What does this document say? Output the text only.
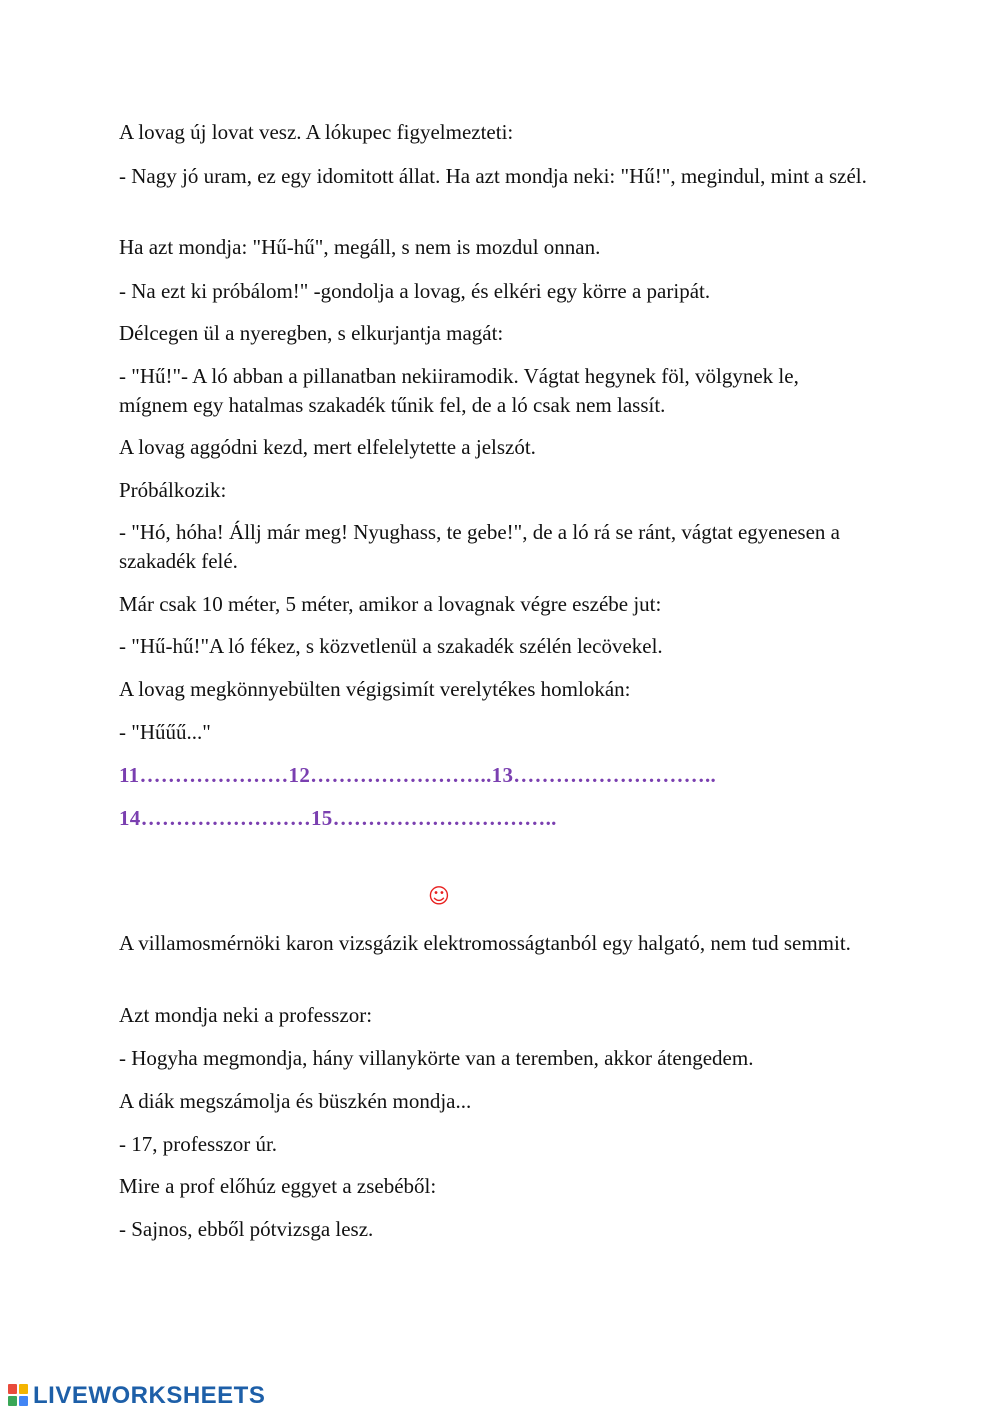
A lovag új lovat vesz. A lókupec figyelmezteti:

- Nagy jó uram, ez egy idomitott állat. Ha azt mondja neki: "Hű!", megindul, mint a szél.

Ha azt mondja: "Hű-hű", megáll, s nem is mozdul onnan.

- Na ezt ki próbálom!" -gondolja a lovag, és elkéri egy körre a paripát.

Délcegen ül a nyeregben, s elkurjantja magát:

- "Hű!"- A ló abban a pillanatban nekiiramodik. Vágtat hegynek föl, völgynek le, mígnem egy hatalmas szakadék tűnik fel, de a ló csak nem lassít.

A lovag aggódni kezd, mert elfelelytette a jelszót.

Próbálkozik:

- "Hó, hóha! Állj már meg! Nyughass, te gebe!", de a ló rá se ránt, vágtat egyenesen a szakadék felé.

Már csak 10 méter, 5 méter, amikor a lovagnak végre eszébe jut:

- "Hű-hű!"A ló fékez, s közvetlenül a szakadék szélén lecövekel.

A lovag megkönnyebülten végigsimít verelytékes homlokán:

- "Hűűű..."

11…………………12……………………..13………………………..

14……………………15…………………………..

☺

A villamosmérnöki karon vizsgázik elektromosságtanból egy halgató, nem tud semmit.

Azt mondja neki a professzor:

- Hogyha megmondja, hány villanykörte van a teremben, akkor átengedem.

A diák megszámolja és büszkén mondja...

- 17, professzor úr.

Mire a prof előhúz eggyet a zsebéből:

- Sajnos, ebből pótvizsga lesz.

LIVEWORKSHEETS
